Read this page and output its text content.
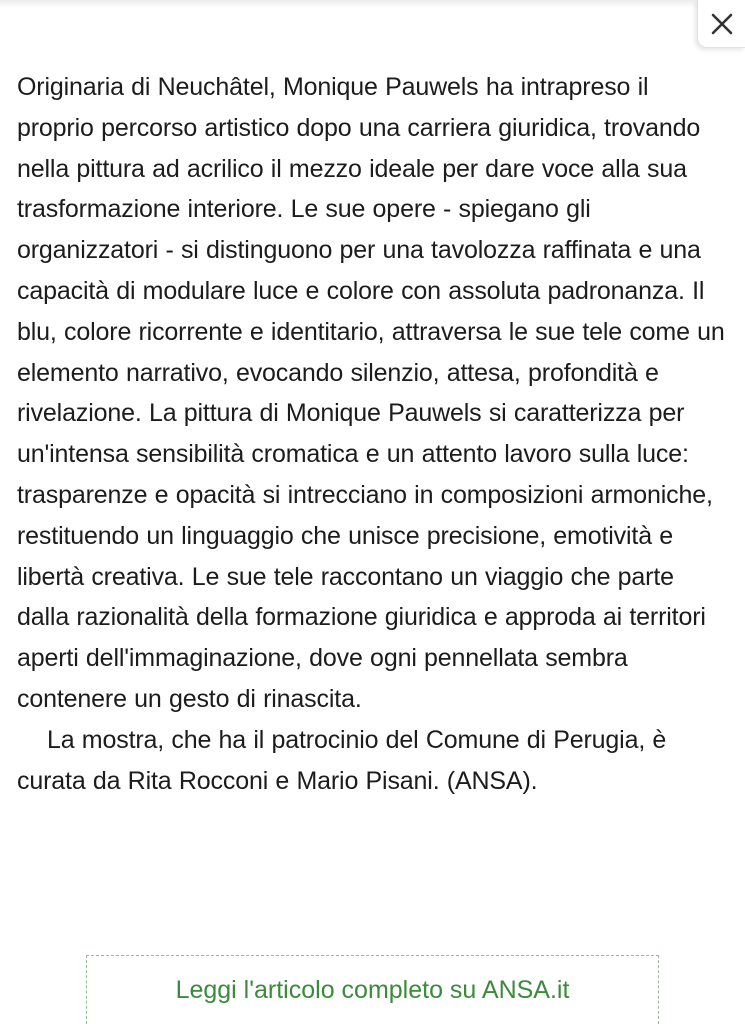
Originaria di Neuchâtel, Monique Pauwels ha intrapreso il proprio percorso artistico dopo una carriera giuridica, trovando nella pittura ad acrilico il mezzo ideale per dare voce alla sua trasformazione interiore. Le sue opere - spiegano gli organizzatori - si distinguono per una tavolozza raffinata e una capacità di modulare luce e colore con assoluta padronanza. Il blu, colore ricorrente e identitario, attraversa le sue tele come un elemento narrativo, evocando silenzio, attesa, profondità e rivelazione. La pittura di Monique Pauwels si caratterizza per un'intensa sensibilità cromatica e un attento lavoro sulla luce: trasparenze e opacità si intrecciano in composizioni armoniche, restituendo un linguaggio che unisce precisione, emotività e libertà creativa. Le sue tele raccontano un viaggio che parte dalla razionalità della formazione giuridica e approda ai territori aperti dell'immaginazione, dove ogni pennellata sembra contenere un gesto di rinascita.

La mostra, che ha il patrocinio del Comune di Perugia, è curata da Rita Rocconi e Mario Pisani. (ANSA).

Leggi l'articolo completo su ANSA.it
